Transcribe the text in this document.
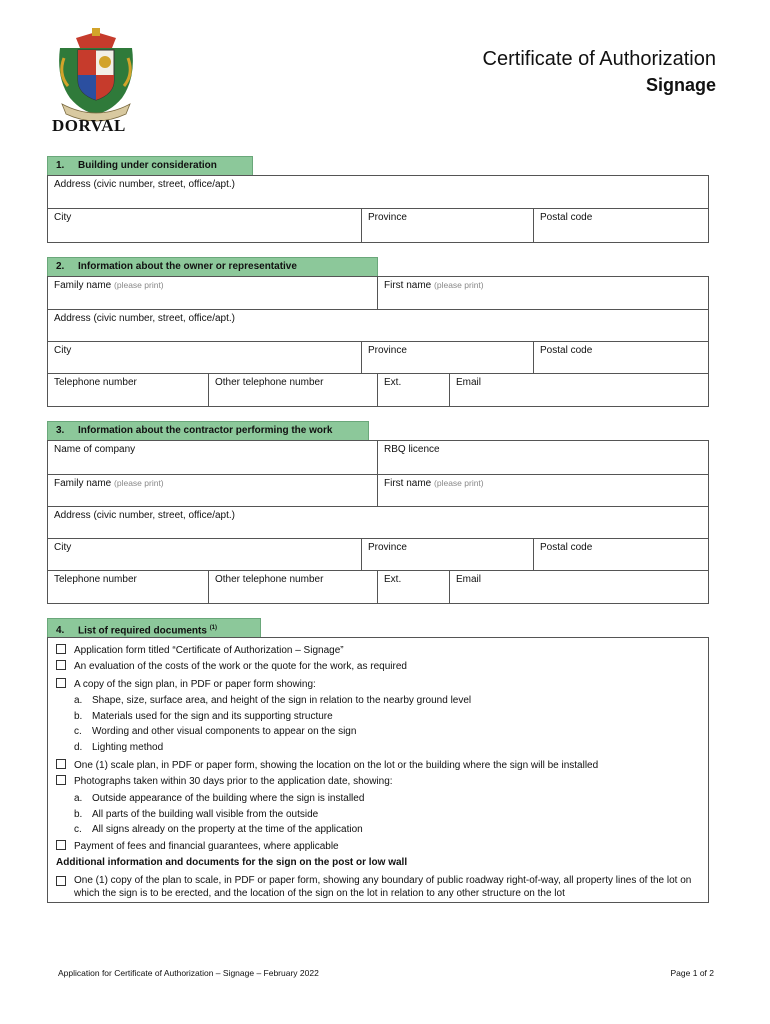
DORVAL
Certificate of Authorization
Signage
1. Building under consideration
Address (civic number, street, office/apt.)
City	Province	Postal code
2. Information about the owner or representative
Family name (please print)	First name (please print)
Address (civic number, street, office/apt.)
City	Province	Postal code
Telephone number	Other telephone number	Ext.	Email
3. Information about the contractor performing the work
Name of company	RBQ licence
Family name (please print)	First name (please print)
Address (civic number, street, office/apt.)
City	Province	Postal code
Telephone number	Other telephone number	Ext.	Email
4. List of required documents $^{(1)}$
Application form titled “Certificate of Authorization – Signage”
An evaluation of the costs of the work or the quote for the work, as required
A copy of the sign plan, in PDF or paper form showing:
a. Shape, size, surface area, and height of the sign in relation to the nearby ground level
b. Materials used for the sign and its supporting structure
c. Wording and other visual components to appear on the sign
d. Lighting method
One (1) scale plan, in PDF or paper form, showing the location on the lot or the building where the sign will be installed
Photographs taken within 30 days prior to the application date, showing:
a. Outside appearance of the building where the sign is installed
b. All parts of the building wall visible from the outside
c. All signs already on the property at the time of the application
Payment of fees and financial guarantees, where applicable
Additional information and documents for the sign on the post or low wall
One (1) copy of the plan to scale, in PDF or paper form, showing any boundary of public roadway right-of-way, all property lines of the lot on which the sign is to be erected, and the location of the sign on the lot in relation to any other structure on the lot
Application for Certificate of Authorization – Signage – February 2022	Page 1 of 2
